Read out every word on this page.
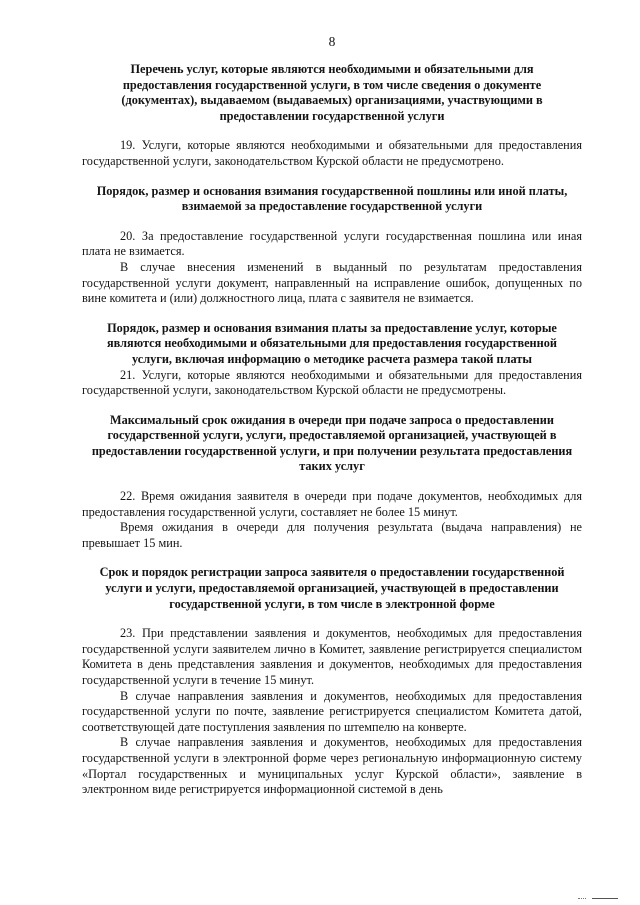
8

Перечень услуг, которые являются необходимыми и обязательными для предоставления государственной услуги, в том числе сведения о документе (документах), выдаваемом (выдаваемых) организациями, участвующими в предоставлении государственной услуги

19. Услуги, которые являются необходимыми и обязательными для предоставления государственной услуги, законодательством Курской области не предусмотрено.

Порядок, размер и основания взимания государственной пошлины или иной платы, взимаемой за предоставление государственной услуги

20. За предоставление государственной услуги государственная пошлина или иная плата не взимается.

В случае внесения изменений в выданный по результатам предоставления государственной услуги документ, направленный на исправление ошибок, допущенных по вине комитета и (или) должностного лица, плата с заявителя не взимается.

Порядок, размер и основания взимания платы за предоставление услуг, которые являются необходимыми и обязательными для предоставления государственной услуги, включая информацию о методике расчета размера такой платы

21. Услуги, которые являются необходимыми и обязательными для предоставления государственной услуги, законодательством Курской области не предусмотрены.

Максимальный срок ожидания в очереди при подаче запроса о предоставлении государственной услуги, услуги, предоставляемой организацией, участвующей в предоставлении государственной услуги, и при получении результата предоставления таких услуг

22. Время ожидания заявителя в очереди при подаче документов, необходимых для предоставления государственной услуги, составляет не более 15 минут.

Время ожидания в очереди для получения результата (выдача направления) не превышает 15 мин.

Срок и порядок регистрации запроса заявителя о предоставлении государственной услуги и услуги, предоставляемой организацией, участвующей в предоставлении государственной услуги, в том числе в электронной форме

23. При представлении заявления и документов, необходимых для предоставления государственной услуги заявителем лично в Комитет, заявление регистрируется специалистом Комитета в день представления заявления и документов, необходимых для предоставления государственной услуги в течение 15 минут.

В случае направления заявления и документов, необходимых для предоставления государственной услуги по почте, заявление регистрируется специалистом Комитета датой, соответствующей дате поступления заявления по штемпелю на конверте.

В случае направления заявления и документов, необходимых для предоставления государственной услуги в электронной форме через региональную информационную систему «Портал государственных и муниципальных услуг Курской области», заявление в электронном виде регистрируется информационной системой в день
